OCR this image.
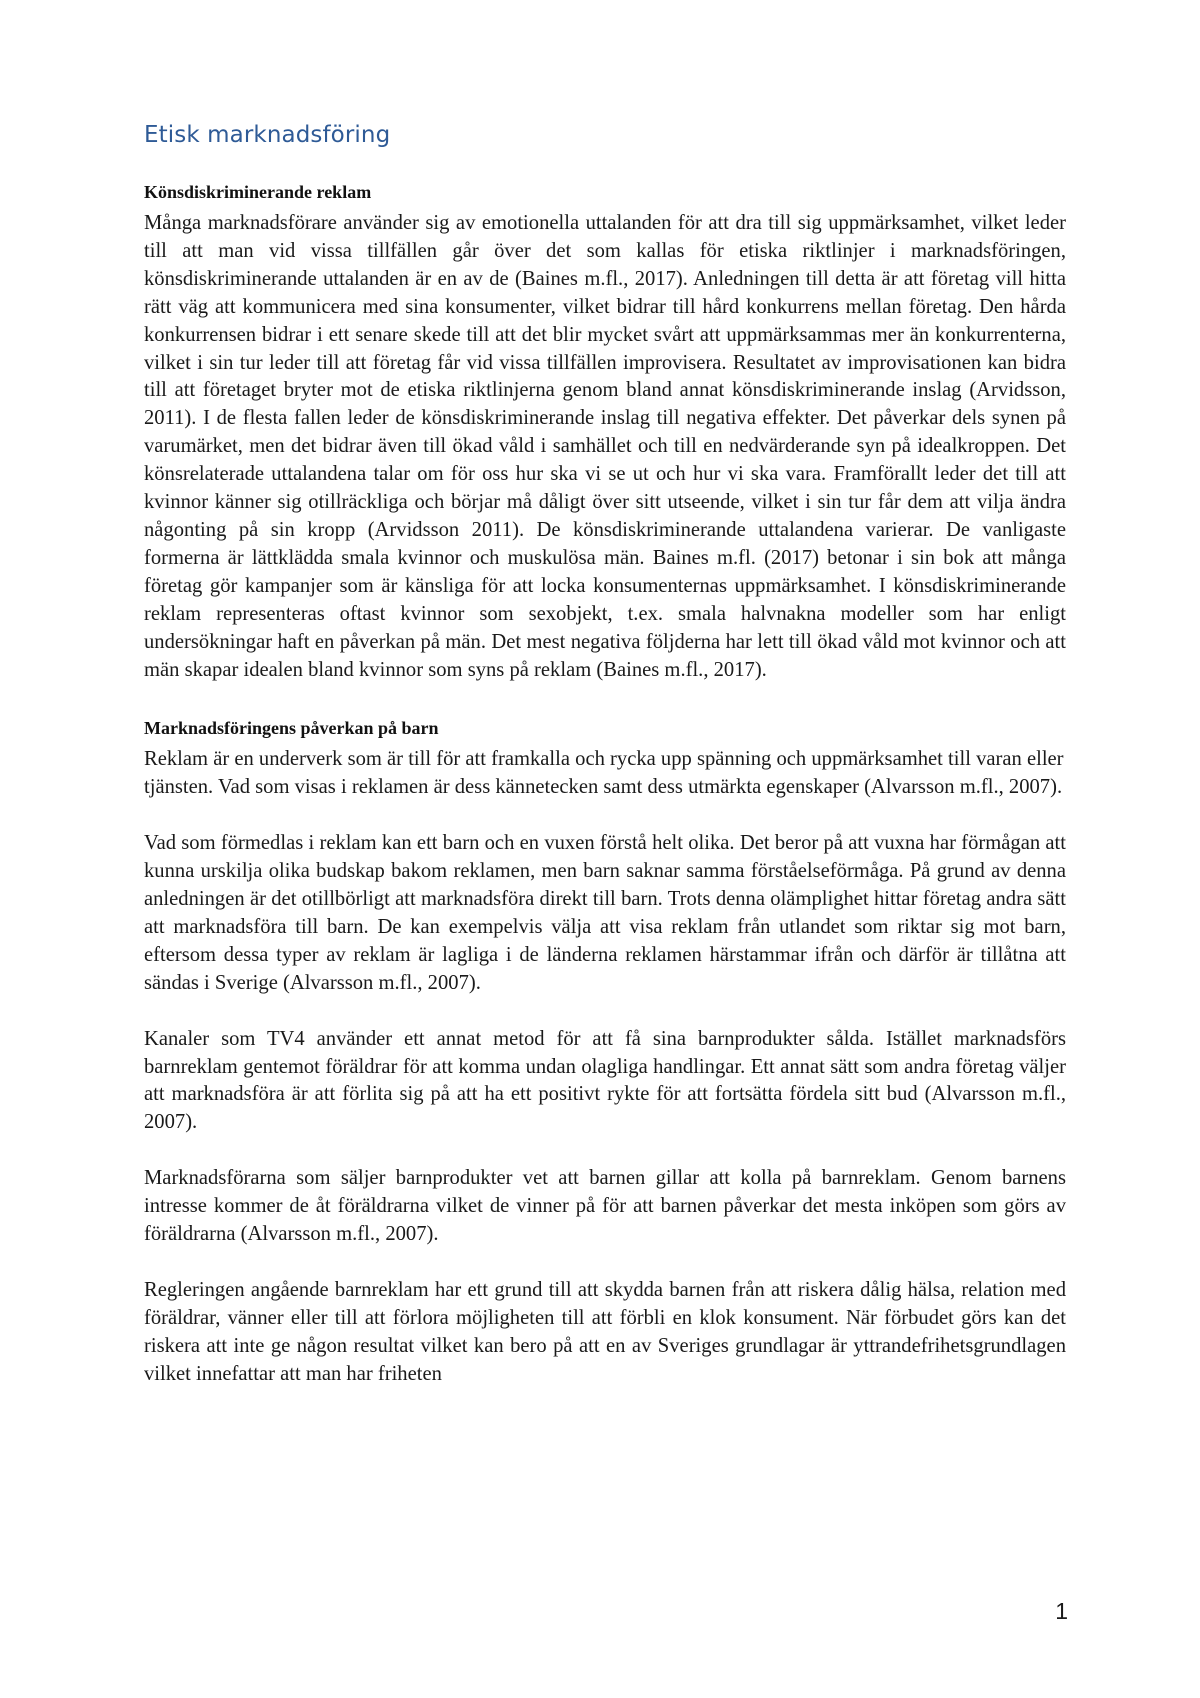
Etisk marknadsföring
Könsdiskriminerande reklam

Många marknadsförare använder sig av emotionella uttalanden för att dra till sig uppmärksamhet, vilket leder till att man vid vissa tillfällen går över det som kallas för etiska riktlinjer i marknadsföringen, könsdiskriminerande uttalanden är en av de (Baines m.fl., 2017). Anledningen till detta är att företag vill hitta rätt väg att kommunicera med sina konsumenter, vilket bidrar till hård konkurrens mellan företag. Den hårda konkurrensen bidrar i ett senare skede till att det blir mycket svårt att uppmärksammas mer än konkurrenterna, vilket i sin tur leder till att företag får vid vissa tillfällen improvisera. Resultatet av improvisationen kan bidra till att företaget bryter mot de etiska riktlinjerna genom bland annat könsdiskriminerande inslag (Arvidsson, 2011). I de flesta fallen leder de könsdiskriminerande inslag till negativa effekter. Det påverkar dels synen på varumärket, men det bidrar även till ökad våld i samhället och till en nedvärderande syn på idealkroppen. Det könsrelaterade uttalandena talar om för oss hur ska vi se ut och hur vi ska vara. Framförallt leder det till att kvinnor känner sig otillräckliga och börjar må dåligt över sitt utseende, vilket i sin tur får dem att vilja ändra någonting på sin kropp (Arvidsson 2011). De könsdiskriminerande uttalandena varierar. De vanligaste formerna är lättklädda smala kvinnor och muskulösa män. Baines m.fl. (2017) betonar i sin bok att många företag gör kampanjer som är känsliga för att locka konsumenternas uppmärksamhet. I könsdiskriminerande reklam representeras oftast kvinnor som sexobjekt, t.ex. smala halvnakna modeller som har enligt undersökningar haft en påverkan på män. Det mest negativa följderna har lett till ökad våld mot kvinnor och att män skapar idealen bland kvinnor som syns på reklam (Baines m.fl., 2017).

Marknadsföringens påverkan på barn

Reklam är en underverk som är till för att framkalla och rycka upp spänning och uppmärksamhet till varan eller tjänsten. Vad som visas i reklamen är dess kännetecken samt dess utmärkta egenskaper (Alvarsson m.fl., 2007).

Vad som förmedlas i reklam kan ett barn och en vuxen förstå helt olika. Det beror på att vuxna har förmågan att kunna urskilja olika budskap bakom reklamen, men barn saknar samma förståelseförmåga. På grund av denna anledningen är det otillbörligt att marknadsföra direkt till barn. Trots denna olämplighet hittar företag andra sätt att marknadsföra till barn. De kan exempelvis välja att visa reklam från utlandet som riktar sig mot barn, eftersom dessa typer av reklam är lagliga i de länderna reklamen härstammar ifrån och därför är tillåtna att sändas i Sverige (Alvarsson m.fl., 2007).

Kanaler som TV4 använder ett annat metod för att få sina barnprodukter sålda. Istället marknadsförs barnreklam gentemot föräldrar för att komma undan olagliga handlingar. Ett annat sätt som andra företag väljer att marknadsföra är att förlita sig på att ha ett positivt rykte för att fortsätta fördela sitt bud (Alvarsson m.fl., 2007).

Marknadsförarna som säljer barnprodukter vet att barnen gillar att kolla på barnreklam. Genom barnens intresse kommer de åt föräldrarna vilket de vinner på för att barnen påverkar det mesta inköpen som görs av föräldrarna (Alvarsson m.fl., 2007).

Regleringen angående barnreklam har ett grund till att skydda barnen från att riskera dålig hälsa, relation med föräldrar, vänner eller till att förlora möjligheten till att förbli en klok konsument. När förbudet görs kan det riskera att inte ge någon resultat vilket kan bero på att en av Sveriges grundlagar är yttrandefrihetsgrundlagen vilket innefattar att man har friheten

1
